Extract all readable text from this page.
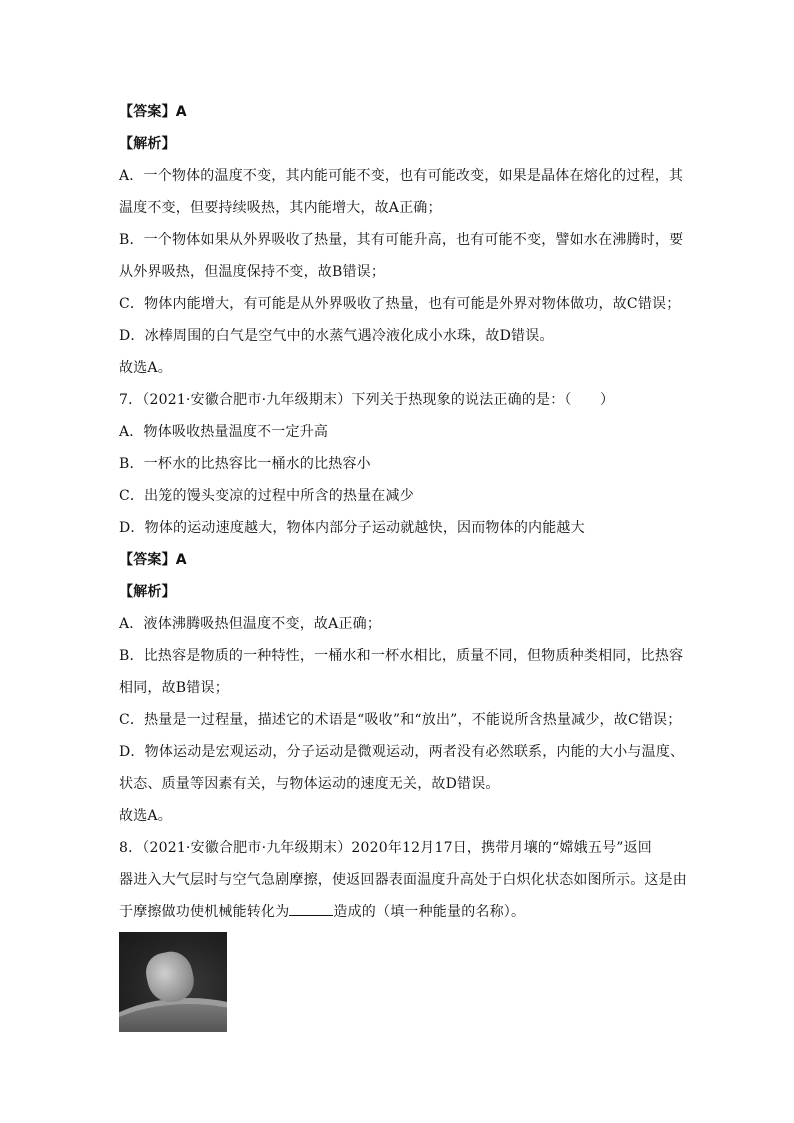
【答案】A
【解析】
A．一个物体的温度不变，其内能可能不变，也有可能改变，如果是晶体在熔化的过程，其
温度不变，但要持续吸热，其内能增大，故A正确；
B．一个物体如果从外界吸收了热量，其有可能升高，也有可能不变，譬如水在沸腾时，要
从外界吸热，但温度保持不变，故B错误；
C．物体内能增大，有可能是从外界吸收了热量，也有可能是外界对物体做功，故C错误；
D．冰棒周围的白气是空气中的水蒸气遇冷液化成小水珠，故D错误。
故选A。
7．（2021·安徽合肥市·九年级期末）下列关于热现象的说法正确的是：（　　）
A．物体吸收热量温度不一定升高
B．一杯水的比热容比一桶水的比热容小
C．出笼的馒头变凉的过程中所含的热量在减少
D．物体的运动速度越大，物体内部分子运动就越快，因而物体的内能越大
【答案】A
【解析】
A．液体沸腾吸热但温度不变，故A正确；
B．比热容是物质的一种特性，一桶水和一杯水相比，质量不同，但物质种类相同，比热容
相同，故B错误；
C．热量是一过程量，描述它的术语是“吸收”和“放出”，不能说所含热量减少，故C错误；
D．物体运动是宏观运动，分子运动是微观运动，两者没有必然联系，内能的大小与温度、
状态、质量等因素有关，与物体运动的速度无关，故D错误。
故选A。
8．（2021·安徽合肥市·九年级期末）2020年12月17日，携带月壤的“嫦娥五号”返回
器进入大气层时与空气急剧摩擦，使返回器表面温度升高处于白炽化状态如图所示。这是由
于摩擦做功使机械能转化为	造成的（填一种能量的名称）。
